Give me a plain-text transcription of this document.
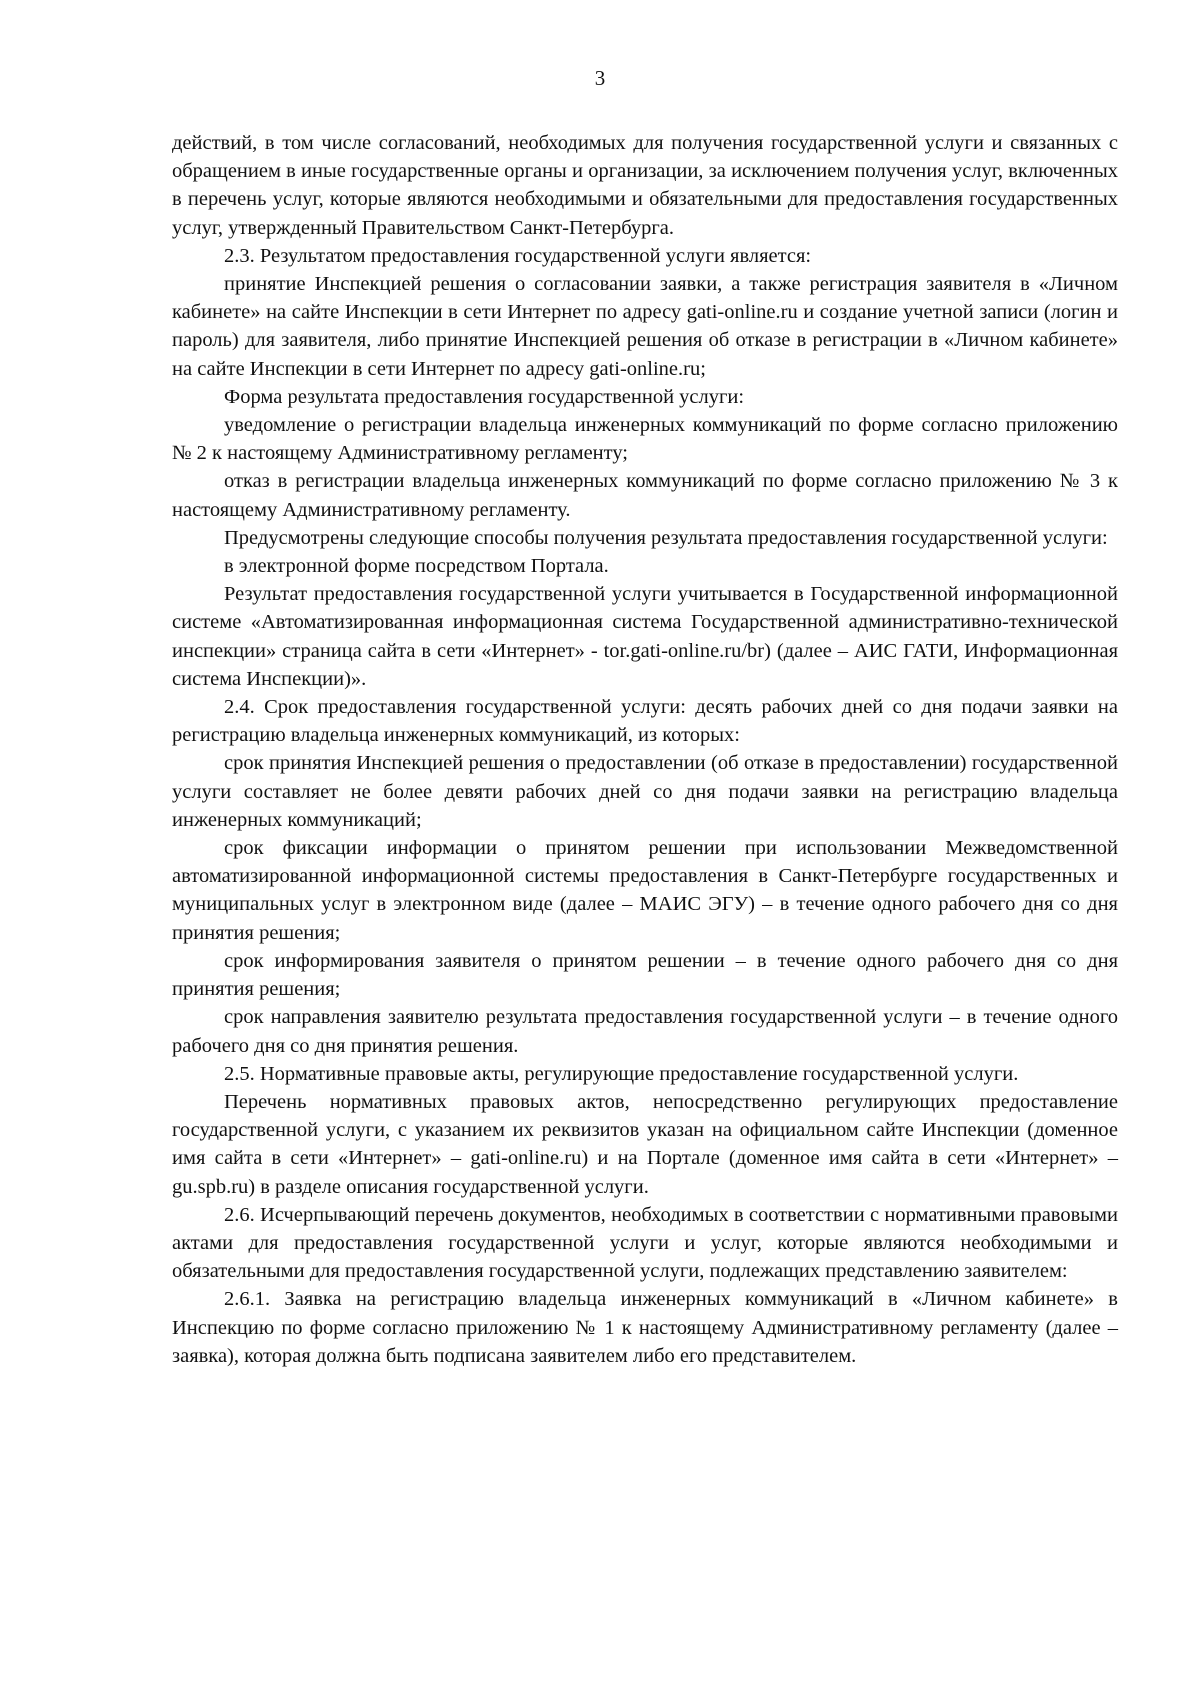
3

действий, в том числе согласований, необходимых для получения государственной услуги и связанных с обращением в иные государственные органы и организации, за исключением получения услуг, включенных в перечень услуг, которые являются необходимыми и обязательными для предоставления государственных услуг, утвержденный Правительством Санкт-Петербурга.

2.3. Результатом предоставления государственной услуги является:

принятие Инспекцией решения о согласовании заявки, а также регистрация заявителя в «Личном кабинете» на сайте Инспекции в сети Интернет по адресу gati-online.ru и создание учетной записи (логин и пароль) для заявителя, либо принятие Инспекцией решения об отказе в регистрации в «Личном кабинете» на сайте Инспекции в сети Интернет по адресу gati-online.ru;

Форма результата предоставления государственной услуги:

уведомление о регистрации владельца инженерных коммуникаций по форме согласно приложению № 2 к настоящему Административному регламенту;

отказ в регистрации владельца инженерных коммуникаций по форме согласно приложению № 3 к настоящему Административному регламенту.

Предусмотрены следующие способы получения результата предоставления государственной услуги:

в электронной форме посредством Портала.

Результат предоставления государственной услуги учитывается в Государственной информационной системе «Автоматизированная информационная система Государственной административно-технической инспекции» страница сайта в сети «Интернет» - tor.gati-online.ru/br) (далее – АИС ГАТИ, Информационная система Инспекции)».

2.4. Срок предоставления государственной услуги: десять рабочих дней со дня подачи заявки на регистрацию владельца инженерных коммуникаций, из которых:

срок принятия Инспекцией решения о предоставлении (об отказе в предоставлении) государственной услуги составляет не более девяти рабочих дней со дня подачи заявки на регистрацию владельца инженерных коммуникаций;

срок фиксации информации о принятом решении при использовании Межведомственной автоматизированной информационной системы предоставления в Санкт-Петербурге государственных и муниципальных услуг в электронном виде (далее – МАИС ЭГУ) – в течение одного рабочего дня со дня принятия решения;

срок информирования заявителя о принятом решении – в течение одного рабочего дня со дня принятия решения;

срок направления заявителю результата предоставления государственной услуги – в течение одного рабочего дня со дня принятия решения.

2.5. Нормативные правовые акты, регулирующие предоставление государственной услуги.

Перечень нормативных правовых актов, непосредственно регулирующих предоставление государственной услуги, с указанием их реквизитов указан на официальном сайте Инспекции (доменное имя сайта в сети «Интернет» – gati-online.ru) и на Портале (доменное имя сайта в сети «Интернет» – gu.spb.ru) в разделе описания государственной услуги.

2.6. Исчерпывающий перечень документов, необходимых в соответствии с нормативными правовыми актами для предоставления государственной услуги и услуг, которые являются необходимыми и обязательными для предоставления государственной услуги, подлежащих представлению заявителем:

2.6.1. Заявка на регистрацию владельца инженерных коммуникаций в «Личном кабинете» в Инспекцию по форме согласно приложению № 1 к настоящему Административному регламенту (далее – заявка), которая должна быть подписана заявителем либо его представителем.
